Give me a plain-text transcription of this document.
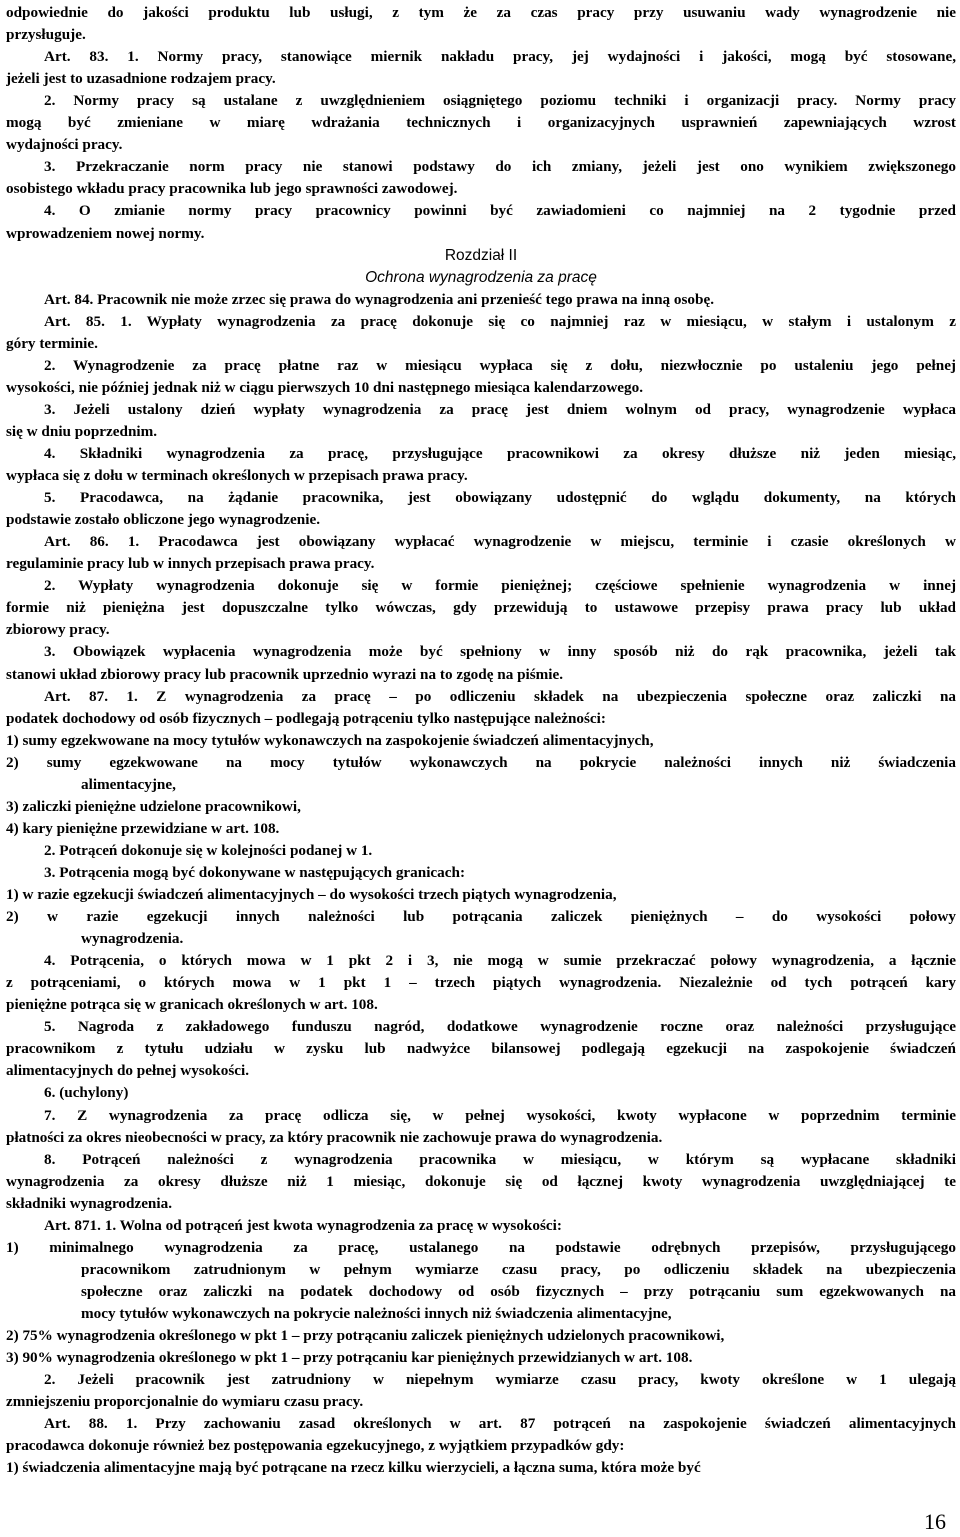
odpowiednie do jakości produktu lub usługi, z tym że za czas pracy przy usuwaniu wady wynagrodzenie nie
przysługuje.
Art. 83. 1. Normy pracy, stanowiące miernik nakładu pracy, jej wydajności i jakości, mogą być stosowane,
jeżeli jest to uzasadnione rodzajem pracy.
2. Normy pracy są ustalane z uwzględnieniem osiągniętego poziomu techniki i organizacji pracy. Normy pracy
mogą być zmieniane w miarę wdrażania technicznych i organizacyjnych usprawnień zapewniających wzrost
wydajności pracy.
3. Przekraczanie norm pracy nie stanowi podstawy do ich zmiany, jeżeli jest ono wynikiem zwiększonego
osobistego wkładu pracy pracownika lub jego sprawności zawodowej.
4. O zmianie normy pracy pracownicy powinni być zawiadomieni co najmniej na 2 tygodnie przed
wprowadzeniem nowej normy.
Rozdział II
Ochrona wynagrodzenia za pracę
Art. 84. Pracownik nie może zrzec się prawa do wynagrodzenia ani przenieść tego prawa na inną osobę.
Art. 85. 1. Wypłaty wynagrodzenia za pracę dokonuje się co najmniej raz w miesiącu, w stałym i ustalonym z
góry terminie.
2. Wynagrodzenie za pracę płatne raz w miesiącu wypłaca się z dołu, niezwłocznie po ustaleniu jego pełnej
wysokości, nie później jednak niż w ciągu pierwszych 10 dni następnego miesiąca kalendarzowego.
3. Jeżeli ustalony dzień wypłaty wynagrodzenia za pracę jest dniem wolnym od pracy, wynagrodzenie wypłaca
się w dniu poprzednim.
4. Składniki wynagrodzenia za pracę, przysługujące pracownikowi za okresy dłuższe niż jeden miesiąc,
wypłaca się z dołu w terminach określonych w przepisach prawa pracy.
5. Pracodawca, na żądanie pracownika, jest obowiązany udostępnić do wglądu dokumenty, na których
podstawie zostało obliczone jego wynagrodzenie.
Art. 86. 1. Pracodawca jest obowiązany wypłacać wynagrodzenie w miejscu, terminie i czasie określonych w
regulaminie pracy lub w innych przepisach prawa pracy.
2. Wypłaty wynagrodzenia dokonuje się w formie pieniężnej; częściowe spełnienie wynagrodzenia w innej
formie niż pieniężna jest dopuszczalne tylko wówczas, gdy przewidują to ustawowe przepisy prawa pracy lub układ
zbiorowy pracy.
3. Obowiązek wypłacenia wynagrodzenia może być spełniony w inny sposób niż do rąk pracownika, jeżeli tak
stanowi układ zbiorowy pracy lub pracownik uprzednio wyrazi na to zgodę na piśmie.
Art. 87. 1. Z wynagrodzenia za pracę – po odliczeniu składek na ubezpieczenia społeczne oraz zaliczki na
podatek dochodowy od osób fizycznych – podlegają potrąceniu tylko następujące należności:
1) sumy egzekwowane na mocy tytułów wykonawczych na zaspokojenie świadczeń alimentacyjnych,
2) sumy egzekwowane na mocy tytułów wykonawczych na pokrycie należności innych niż świadczenia
alimentacyjne,
3) zaliczki pieniężne udzielone pracownikowi,
4) kary pieniężne przewidziane w art. 108.
2. Potrąceń dokonuje się w kolejności podanej w 1.
3. Potrącenia mogą być dokonywane w następujących granicach:
1) w razie egzekucji świadczeń alimentacyjnych – do wysokości trzech piątych wynagrodzenia,
2) w razie egzekucji innych należności lub potrącania zaliczek pieniężnych – do wysokości połowy
wynagrodzenia.
4. Potrącenia, o których mowa w 1 pkt 2 i 3, nie mogą w sumie przekraczać połowy wynagrodzenia, a łącznie
z potrąceniami, o których mowa w 1 pkt 1 – trzech piątych wynagrodzenia. Niezależnie od tych potrąceń kary
pieniężne potrąca się w granicach określonych w art. 108.
5. Nagroda z zakładowego funduszu nagród, dodatkowe wynagrodzenie roczne oraz należności przysługujące
pracownikom z tytułu udziału w zysku lub nadwyżce bilansowej podlegają egzekucji na zaspokojenie świadczeń
alimentacyjnych do pełnej wysokości.
6. (uchylony)
7. Z wynagrodzenia za pracę odlicza się, w pełnej wysokości, kwoty wypłacone w poprzednim terminie
płatności za okres nieobecności w pracy, za który pracownik nie zachowuje prawa do wynagrodzenia.
8. Potrąceń należności z wynagrodzenia pracownika w miesiącu, w którym są wypłacane składniki
wynagrodzenia za okresy dłuższe niż 1 miesiąc, dokonuje się od łącznej kwoty wynagrodzenia uwzględniającej te
składniki wynagrodzenia.
Art. 871. 1. Wolna od potrąceń jest kwota wynagrodzenia za pracę w wysokości:
1) minimalnego wynagrodzenia za pracę, ustalanego na podstawie odrębnych przepisów, przysługującego
pracownikom zatrudnionym w pełnym wymiarze czasu pracy, po odliczeniu składek na ubezpieczenia
społeczne oraz zaliczki na podatek dochodowy od osób fizycznych – przy potrącaniu sum egzekwowanych na
mocy tytułów wykonawczych na pokrycie należności innych niż świadczenia alimentacyjne,
2) 75% wynagrodzenia określonego w pkt 1 – przy potrącaniu zaliczek pieniężnych udzielonych pracownikowi,
3) 90% wynagrodzenia określonego w pkt 1 – przy potrącaniu kar pieniężnych przewidzianych w art. 108.
2. Jeżeli pracownik jest zatrudniony w niepełnym wymiarze czasu pracy, kwoty określone w 1 ulegają
zmniejszeniu proporcjonalnie do wymiaru czasu pracy.
Art. 88. 1. Przy zachowaniu zasad określonych w art. 87 potrąceń na zaspokojenie świadczeń alimentacyjnych
pracodawca dokonuje również bez postępowania egzekucyjnego, z wyjątkiem przypadków gdy:
1) świadczenia alimentacyjne mają być potrącane na rzecz kilku wierzycieli, a łączna suma, która może być
16
